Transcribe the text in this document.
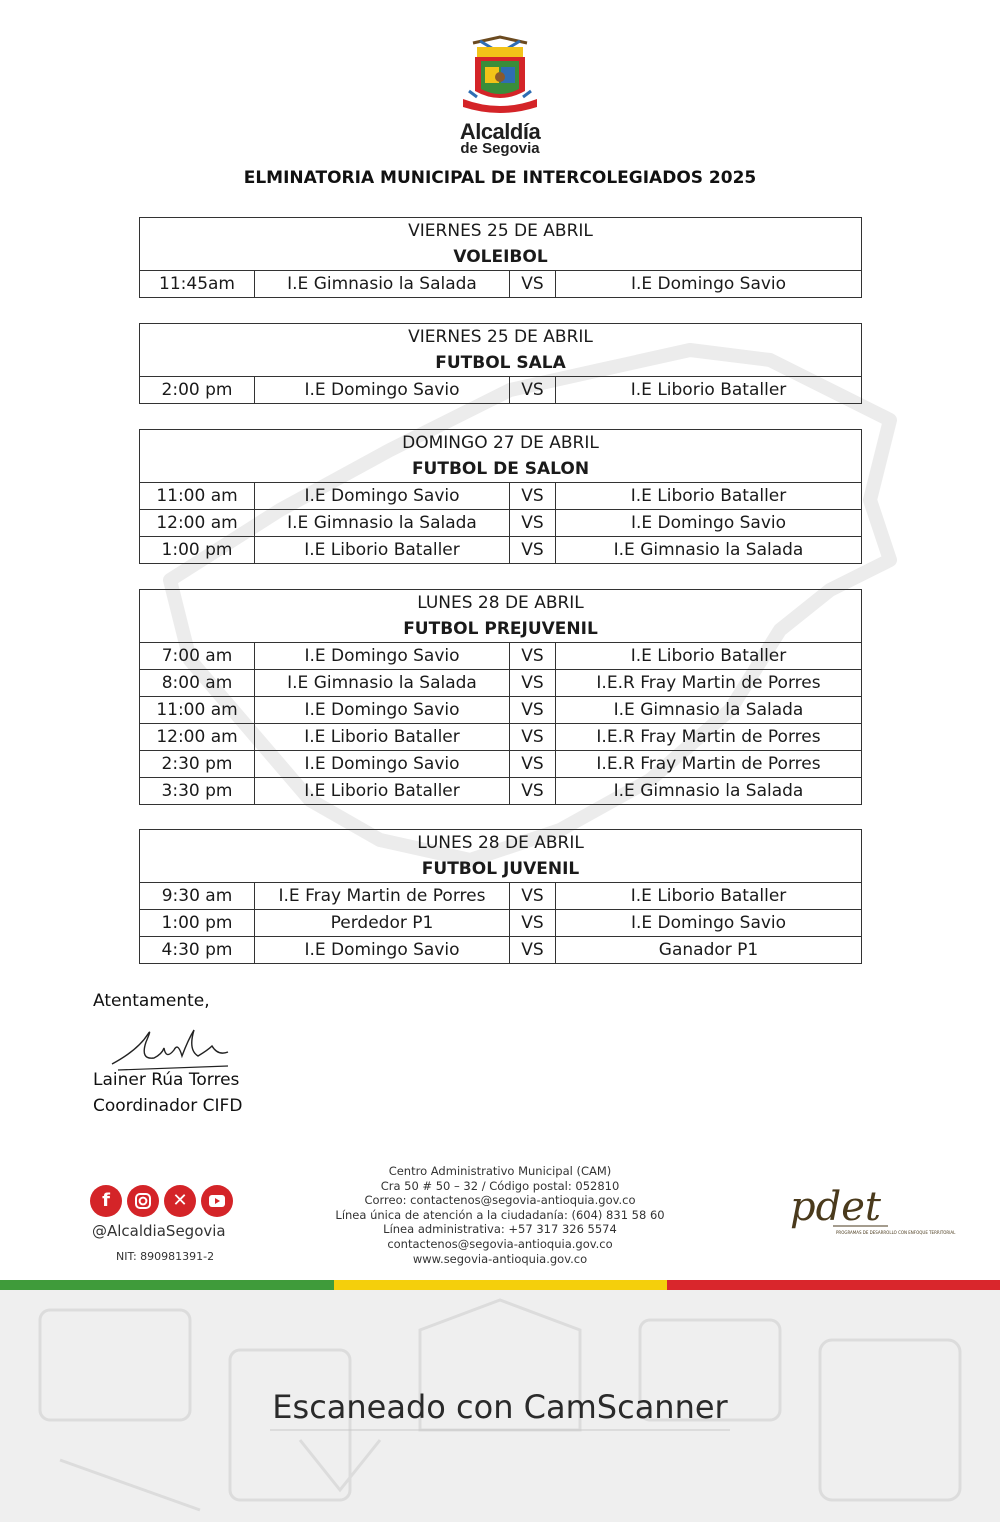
Alcaldía
de Segovia
ELMINATORIA MUNICIPAL DE INTERCOLEGIADOS 2025
VIERNES 25 DE ABRIL
VOLEIBOL

11:45am	I.E Gimnasio la Salada	VS	I.E Domingo Savio
VIERNES 25 DE ABRIL
FUTBOL SALA

2:00 pm	I.E Domingo Savio	VS	I.E Liborio Bataller
DOMINGO 27 DE ABRIL
FUTBOL DE SALON			

11:00 am	I.E Domingo Savio	VS	I.E Liborio Bataller
12:00 am	I.E Gimnasio la Salada	VS	I.E Domingo Savio
1:00 pm	I.E Liborio Bataller	VS	I.E Gimnasio la Salada
LUNES 28 DE ABRIL
FUTBOL PREJUVENIL			

7:00 am	I.E Domingo Savio	VS	I.E Liborio Bataller
8:00 am	I.E Gimnasio la Salada	VS	I.E.R Fray Martin de Porres
11:00 am	I.E Domingo Savio	VS	I.E Gimnasio la Salada
12:00 am	I.E Liborio Bataller	VS	I.E.R Fray Martin de Porres
2:30 pm	I.E Domingo Savio	VS	I.E.R Fray Martin de Porres
3:30 pm	I.E Liborio Bataller	VS	I.E Gimnasio la Salada
LUNES 28 DE ABRIL
FUTBOL JUVENIL			

9:30 am	I.E Fray Martin de Porres	VS	I.E Liborio Bataller
1:00 pm	Perdedor P1	VS	I.E Domingo Savio
4:30 pm	I.E Domingo Savio	VS	Ganador P1
Atentamente,
Lainer Rúa Torres
Coordinador CIFD
f	✕
@AlcaldiaSegovia
NIT: 890981391-2
Centro Administrativo Municipal (CAM)
Cra 50 # 50 – 32 / Código postal: 052810
Correo: contactenos@segovia-antioquia.gov.co
Línea única de atención a la ciudadanía: (604) 831 58 60
Línea administrativa: +57 317 326 5574
contactenos@segovia-antioquia.gov.co
www.segovia-antioquia.gov.co
pdet
PROGRAMAS DE DESARROLLO CON ENFOQUE TERRITORIAL
Escaneado con CamScanner
